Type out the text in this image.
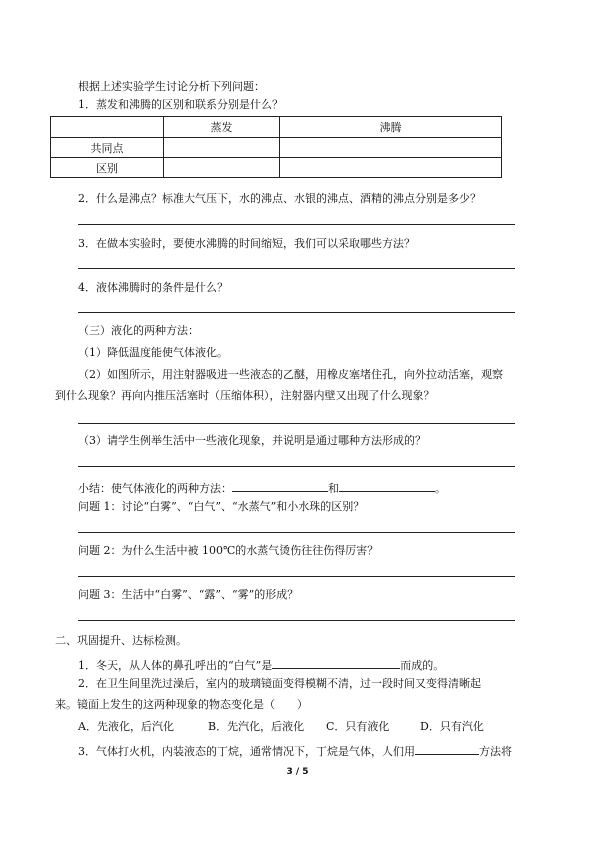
根据上述实验学生讨论分析下列问题：
1．蒸发和沸腾的区别和联系分别是什么？
	蒸发	沸腾
共同点		
区别		
2．什么是沸点？标准大气压下，水的沸点、水银的沸点、酒精的沸点分别是多少？
3．在做本实验时，要使水沸腾的时间缩短，我们可以采取哪些方法？
4．液体沸腾时的条件是什么？
（三）液化的两种方法：
（1）降低温度能使气体液化。
（2）如图所示，用注射器吸进一些液态的乙醚，用橡皮塞堵住孔，向外拉动活塞，观察
到什么现象？再向内推压活塞时（压缩体积），注射器内壁又出现了什么现象？
（3）请学生例举生活中一些液化现象，并说明是通过哪种方法形成的？
小结：使气体液化的两种方法：	和	。
问题 1：讨论“白雾”、“白气”、“水蒸气”和小水珠的区别？
问题 2：为什么生活中被 100℃的水蒸气烫伤往往伤得厉害？
问题 3：生活中“白雾”、“露”、“雾”的形成？
二、巩固提升、达标检测。
1．冬天，从人体的鼻孔呼出的“白气”是	而成的。
2．在卫生间里洗过澡后，室内的玻璃镜面变得模糊不清，过一段时间又变得清晰起
来。镜面上发生的这两种现象的物态变化是（　　）
A．先液化，后汽化	B．先汽化，后液化 C．只有液化	D．只有汽化
3．气体打火机，内装液态的丁烷，通常情况下，丁烷是气体，人们用	方法将
3 / 5
